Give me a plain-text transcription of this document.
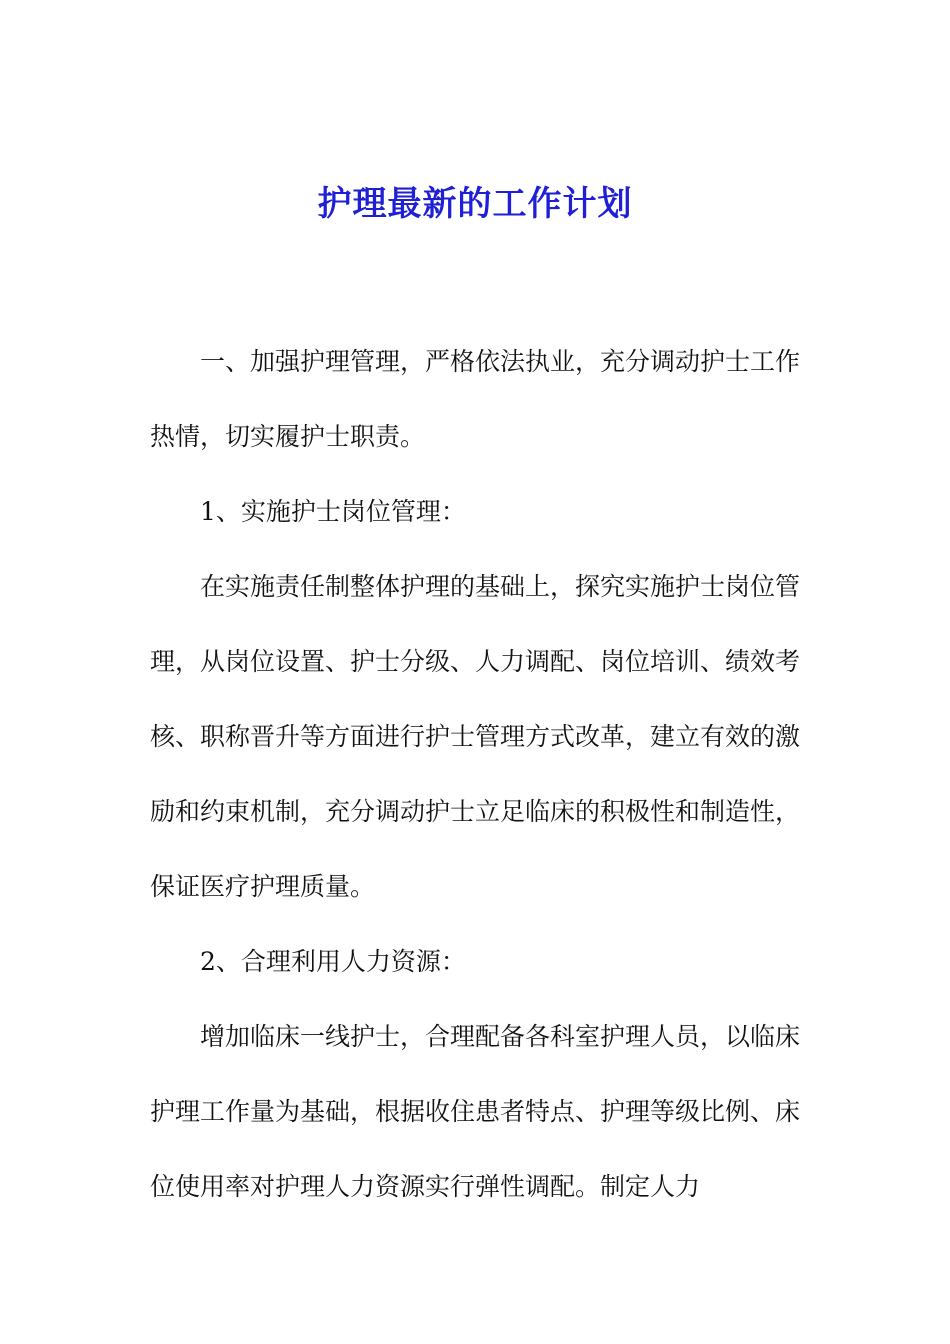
护理最新的工作计划

一、加强护理管理，严格依法执业，充分调动护士工作热情，切实履护士职责。

1、实施护士岗位管理：

在实施责任制整体护理的基础上，探究实施护士岗位管理，从岗位设置、护士分级、人力调配、岗位培训、绩效考核、职称晋升等方面进行护士管理方式改革，建立有效的激励和约束机制，充分调动护士立足临床的积极性和制造性，保证医疗护理质量。

2、合理利用人力资源：

增加临床一线护士，合理配备各科室护理人员，以临床护理工作量为基础，根据收住患者特点、护理等级比例、床位使用率对护理人力资源实行弹性调配。制定人力
